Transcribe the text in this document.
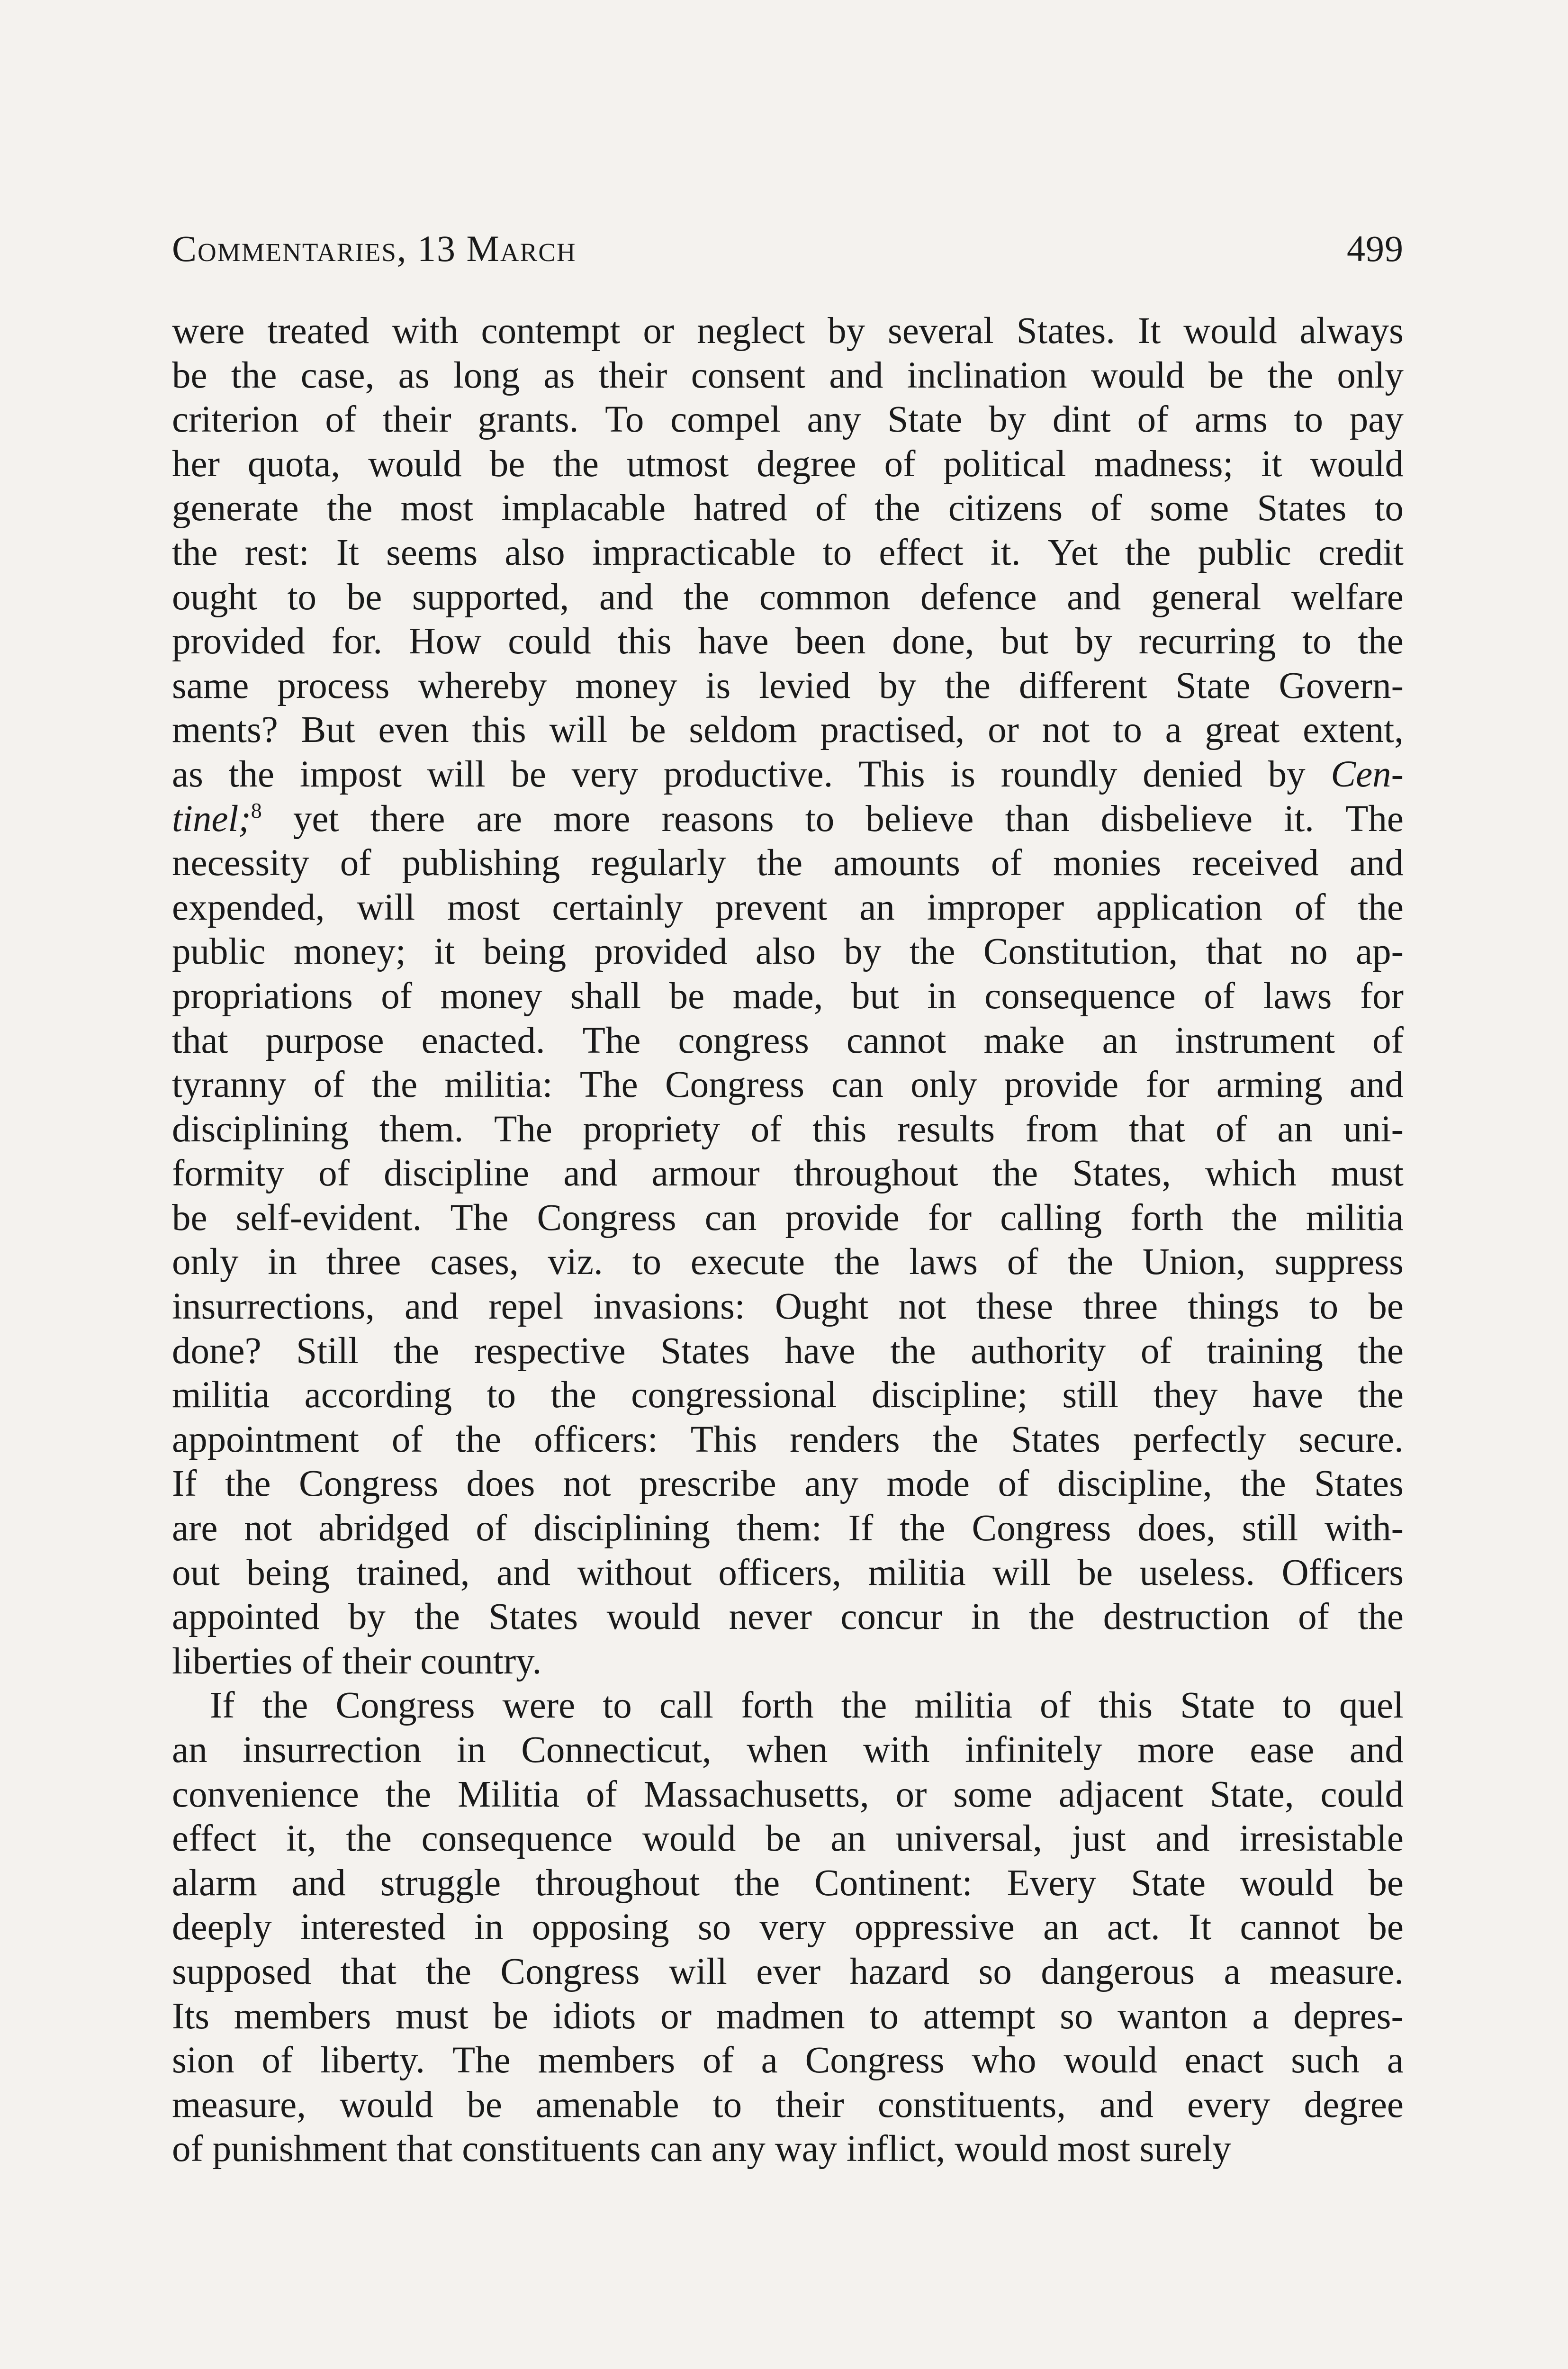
Commentaries, 13 March	499
were treated with contempt or neglect by several States. It would always
be the case, as long as their consent and inclination would be the only
criterion of their grants. To compel any State by dint of arms to pay
her quota, would be the utmost degree of political madness; it would
generate the most implacable hatred of the citizens of some States to
the rest: It seems also impracticable to effect it. Yet the public credit
ought to be supported, and the common defence and general welfare
provided for. How could this have been done, but by recurring to the
same process whereby money is levied by the different State Govern-
ments? But even this will be seldom practised, or not to a great extent,
as the impost will be very productive. This is roundly denied by Cen-
tinel;$^8$ yet there are more reasons to believe than disbelieve it. The
necessity of publishing regularly the amounts of monies received and
expended, will most certainly prevent an improper application of the
public money; it being provided also by the Constitution, that no ap-
propriations of money shall be made, but in consequence of laws for
that purpose enacted. The congress cannot make an instrument of
tyranny of the militia: The Congress can only provide for arming and
disciplining them. The propriety of this results from that of an uni-
formity of discipline and armour throughout the States, which must
be self-evident. The Congress can provide for calling forth the militia
only in three cases, viz. to execute the laws of the Union, suppress
insurrections, and repel invasions: Ought not these three things to be
done? Still the respective States have the authority of training the
militia according to the congressional discipline; still they have the
appointment of the officers: This renders the States perfectly secure.
If the Congress does not prescribe any mode of discipline, the States
are not abridged of disciplining them: If the Congress does, still with-
out being trained, and without officers, militia will be useless. Officers
appointed by the States would never concur in the destruction of the
liberties of their country.
If the Congress were to call forth the militia of this State to quel
an insurrection in Connecticut, when with infinitely more ease and
convenience the Militia of Massachusetts, or some adjacent State, could
effect it, the consequence would be an universal, just and irresistable
alarm and struggle throughout the Continent: Every State would be
deeply interested in opposing so very oppressive an act. It cannot be
supposed that the Congress will ever hazard so dangerous a measure.
Its members must be idiots or madmen to attempt so wanton a depres-
sion of liberty. The members of a Congress who would enact such a
measure, would be amenable to their constituents, and every degree
of punishment that constituents can any way inflict, would most surely
